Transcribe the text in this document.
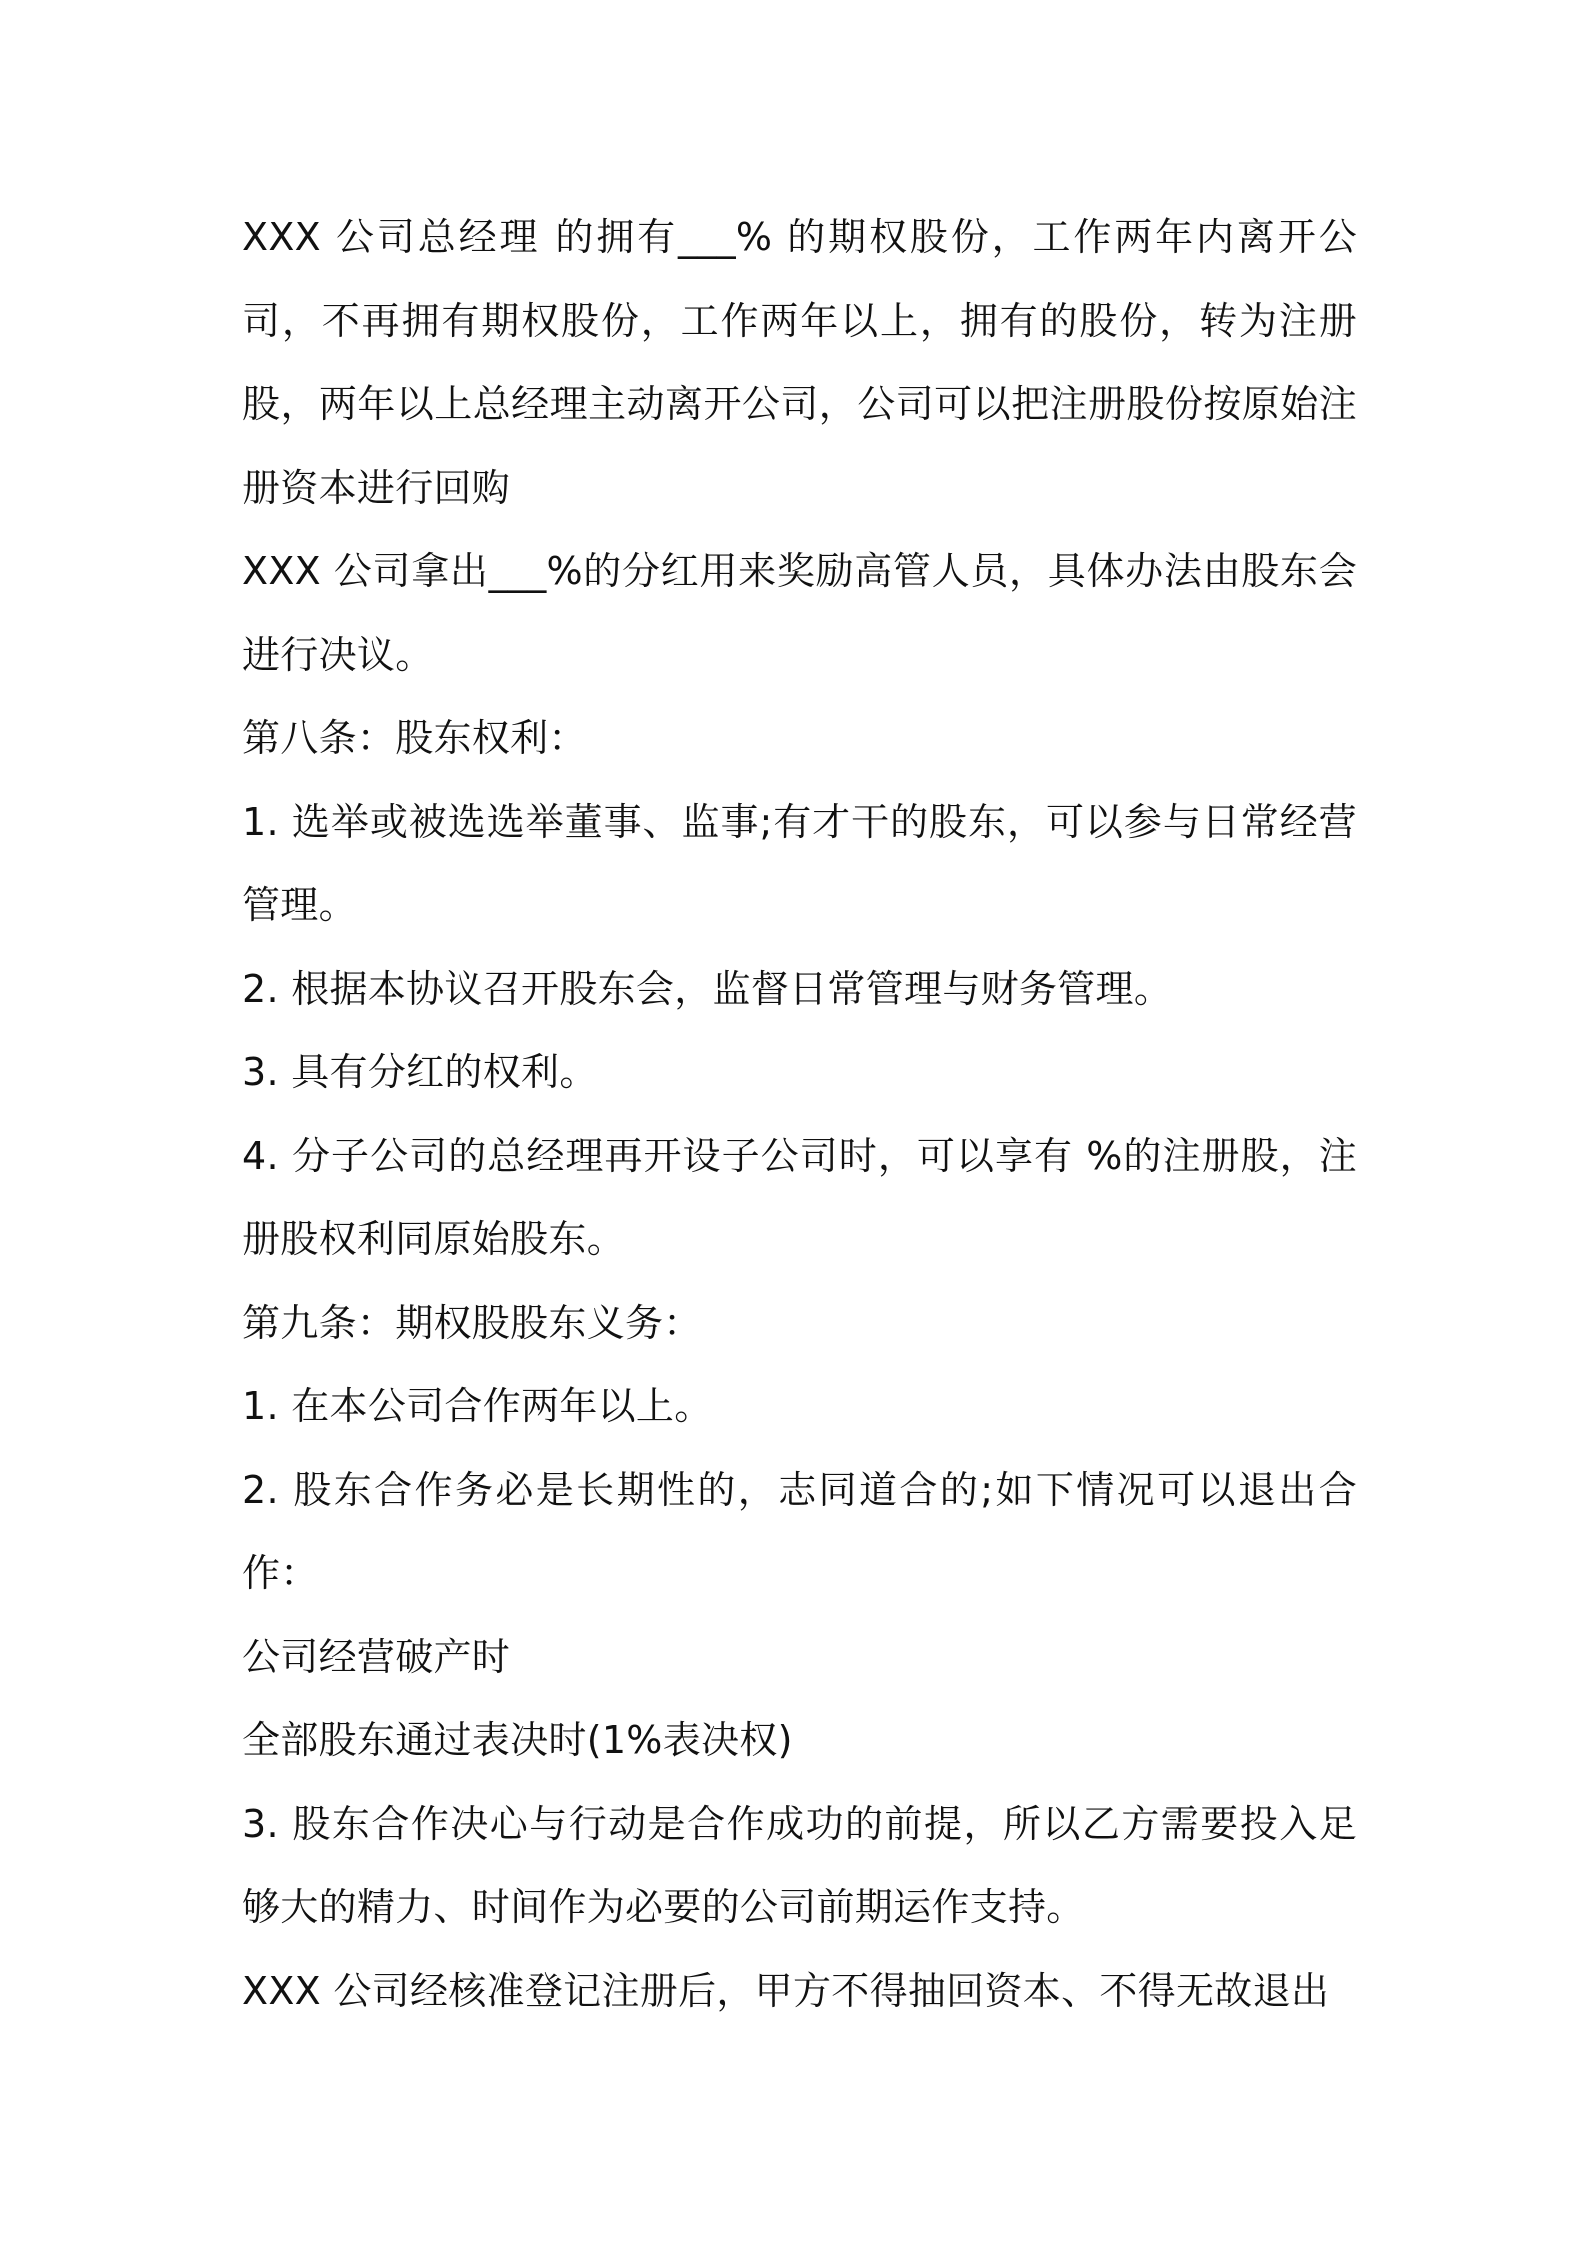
XXX 公司总经理 的拥有___% 的期权股份，工作两年内离开公司，不再拥有期权股份，工作两年以上，拥有的股份，转为注册股，两年以上总经理主动离开公司，公司可以把注册股份按原始注册资本进行回购

XXX 公司拿出___%的分红用来奖励高管人员，具体办法由股东会进行决议。

第八条：股东权利：

1. 选举或被选选举董事、监事;有才干的股东，可以参与日常经营管理。

2. 根据本协议召开股东会，监督日常管理与财务管理。

3. 具有分红的权利。

4. 分子公司的总经理再开设子公司时，可以享有 %的注册股，注册股权利同原始股东。

第九条：期权股股东义务：

1. 在本公司合作两年以上。

2. 股东合作务必是长期性的，志同道合的;如下情况可以退出合作：

公司经营破产时

全部股东通过表决时(1%表决权)

3. 股东合作决心与行动是合作成功的前提，所以乙方需要投入足够大的精力、时间作为必要的公司前期运作支持。

XXX 公司经核准登记注册后，甲方不得抽回资本、不得无故退出
